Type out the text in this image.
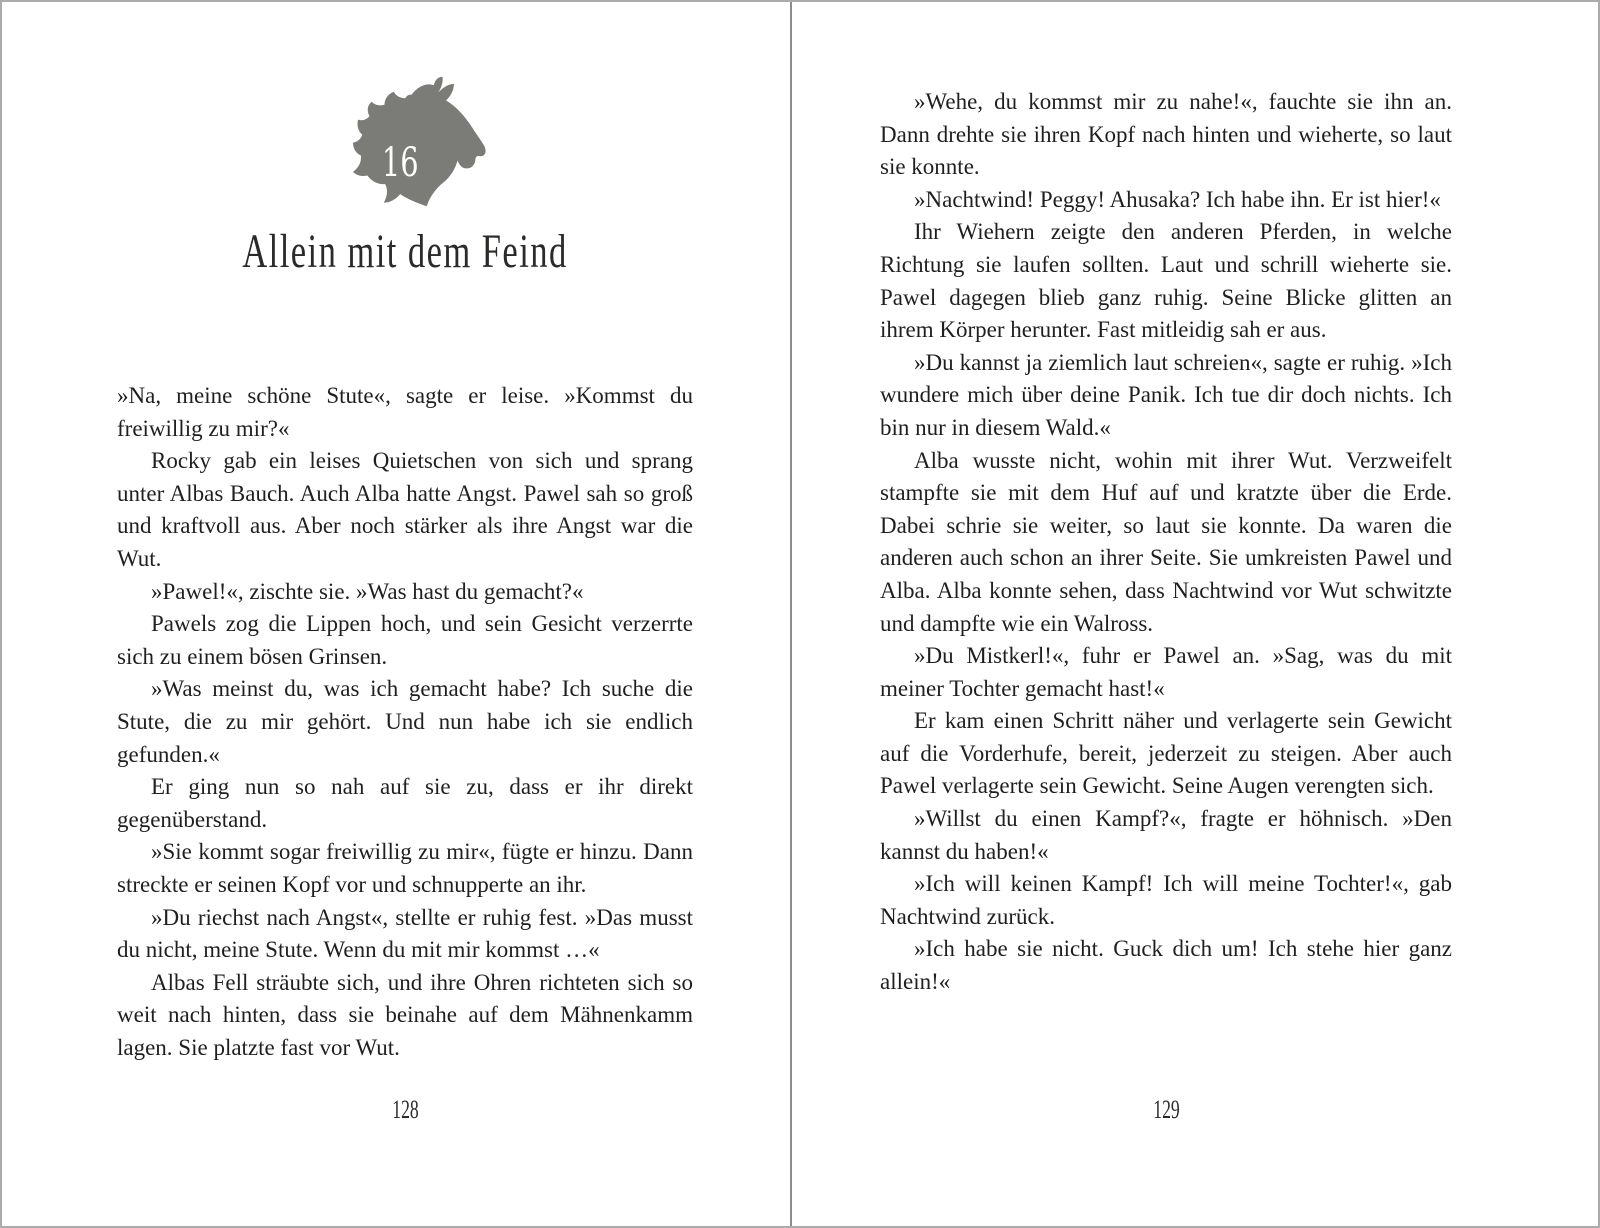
16
Allein mit dem Feind

»Na, meine schöne Stute«, sagte er leise. »Kommst du freiwillig zu mir?«

Rocky gab ein leises Quietschen von sich und sprang unter Albas Bauch. Auch Alba hatte Angst. Pawel sah so groß und kraftvoll aus. Aber noch stärker als ihre Angst war die Wut.

»Pawel!«, zischte sie. »Was hast du gemacht?«

Pawels zog die Lippen hoch, und sein Gesicht verzerrte sich zu einem bösen Grinsen.

»Was meinst du, was ich gemacht habe? Ich suche die Stute, die zu mir gehört. Und nun habe ich sie endlich gefunden.«

Er ging nun so nah auf sie zu, dass er ihr direkt gegenüberstand.

»Sie kommt sogar freiwillig zu mir«, fügte er hinzu. Dann streckte er seinen Kopf vor und schnupperte an ihr.

»Du riechst nach Angst«, stellte er ruhig fest. »Das musst du nicht, meine Stute. Wenn du mit mir kommst …«

Albas Fell sträubte sich, und ihre Ohren richteten sich so weit nach hinten, dass sie beinahe auf dem Mähnenkamm lagen. Sie platzte fast vor Wut.

128

»Wehe, du kommst mir zu nahe!«, fauchte sie ihn an. Dann drehte sie ihren Kopf nach hinten und wieherte, so laut sie konnte.

»Nachtwind! Peggy! Ahusaka? Ich habe ihn. Er ist hier!«

Ihr Wiehern zeigte den anderen Pferden, in welche Richtung sie laufen sollten. Laut und schrill wieherte sie. Pawel dagegen blieb ganz ruhig. Seine Blicke glitten an ihrem Körper herunter. Fast mitleidig sah er aus.

»Du kannst ja ziemlich laut schreien«, sagte er ruhig. »Ich wundere mich über deine Panik. Ich tue dir doch nichts. Ich bin nur in diesem Wald.«

Alba wusste nicht, wohin mit ihrer Wut. Verzweifelt stampfte sie mit dem Huf auf und kratzte über die Erde. Dabei schrie sie weiter, so laut sie konnte. Da waren die anderen auch schon an ihrer Seite. Sie umkreisten Pawel und Alba. Alba konnte sehen, dass Nachtwind vor Wut schwitzte und dampfte wie ein Walross.

»Du Mistkerl!«, fuhr er Pawel an. »Sag, was du mit meiner Tochter gemacht hast!«

Er kam einen Schritt näher und verlagerte sein Gewicht auf die Vorderhufe, bereit, jederzeit zu steigen. Aber auch Pawel verlagerte sein Gewicht. Seine Augen verengten sich.

»Willst du einen Kampf?«, fragte er höhnisch. »Den kannst du haben!«

»Ich will keinen Kampf! Ich will meine Tochter!«, gab Nachtwind zurück.

»Ich habe sie nicht. Guck dich um! Ich stehe hier ganz allein!«

129
